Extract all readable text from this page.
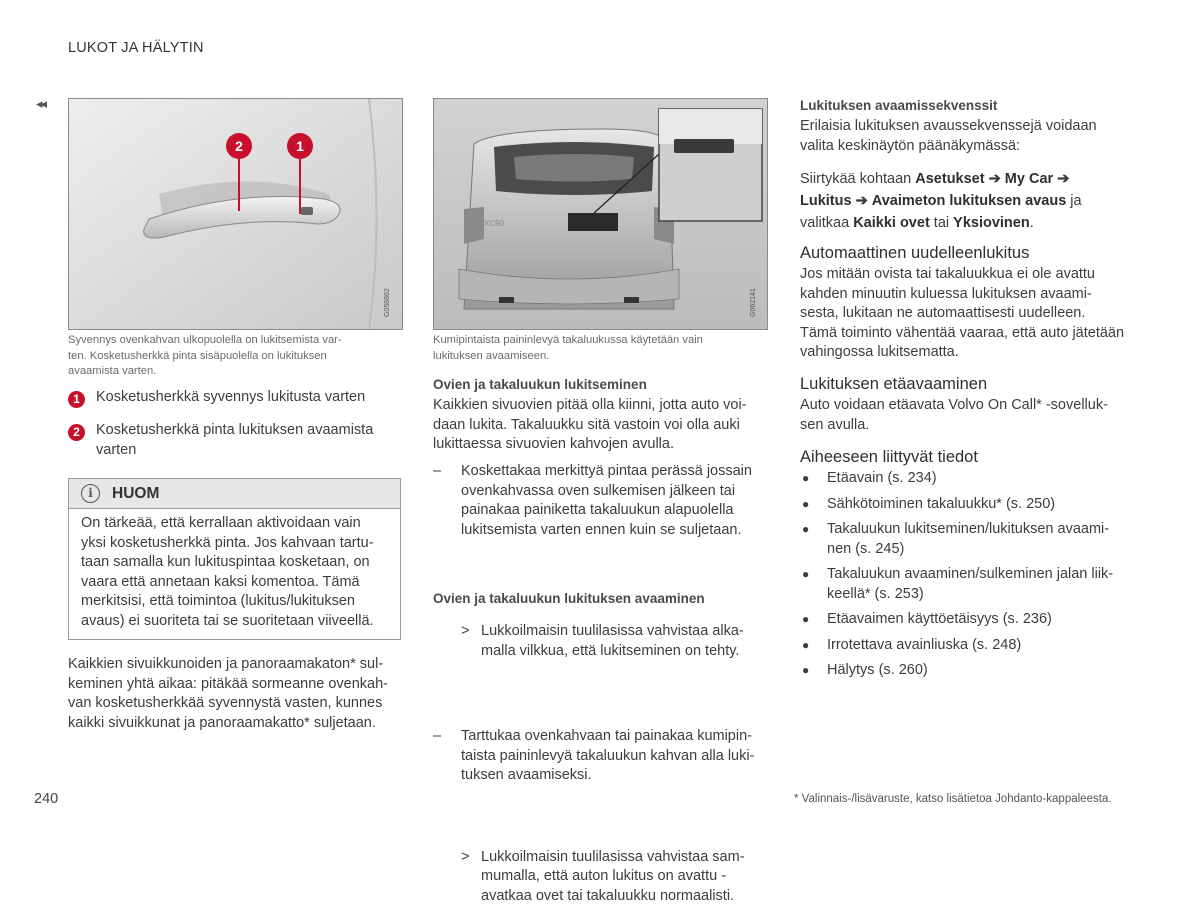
LUKOT JA HÄLYTIN
◂◂
2	1
G056862
Syvennys ovenkahvan ulkopuolella on lukitsemista var-
ten. Kosketusherkkä pinta sisäpuolella on lukituksen
avaamista varten.
1	Kosketusherkkä syvennys lukitusta varten
2	Kosketusherkkä pinta lukituksen avaamista
varten
i	HUOM
On tärkeää, että kerrallaan aktivoidaan vain
yksi kosketusherkkä pinta. Jos kahvaan tartu-
taan samalla kun lukituspintaa kosketaan, on
vaara että annetaan kaksi komentoa. Tämä
merkitsisi, että toimintoa (lukitus/lukituksen
avaus) ei suoriteta tai se suoritetaan viiveellä.
Kaikkien sivuikkunoiden ja panoraamakaton* sul-
keminen yhtä aikaa: pitäkää sormeanne ovenkah-
van kosketusherkkää syvennystä vasten, kunnes
kaikki sivuikkunat ja panoraamakatto* suljetaan.
XC90
G062141
Kumipintaista paininlevyä takaluukussa käytetään vain
lukituksen avaamiseen.
Ovien ja takaluukun lukitseminen
Kaikkien sivuovien pitää olla kiinni, jotta auto voi-
daan lukita. Takaluukku sitä vastoin voi olla auki
lukittaessa sivuovien kahvojen avulla.
– Koskettakaa merkittyä pintaa perässä jossain
ovenkahvassa oven sulkemisen jälkeen tai
painakaa painiketta takaluukun alapuolella
lukitsemista varten ennen kuin se suljetaan.
> Lukkoilmaisin tuulilasissa vahvistaa alka-
malla vilkkua, että lukitseminen on tehty.
Ovien ja takaluukun lukituksen avaaminen
– Tarttukaa ovenkahvaan tai painakaa kumipin-
taista paininlevyä takaluukun kahvan alla luki-
tuksen avaamiseksi.
> Lukkoilmaisin tuulilasissa vahvistaa sam-
mumalla, että auton lukitus on avattu -
avatkaa ovet tai takaluukku normaalisti.
Lukituksen avaamissekvenssit
Erilaisia lukituksen avaussekvenssejä voidaan
valita keskinäytön päänäkymässä:
Siirtykää kohtaan Asetukset ➔ My Car ➔
Lukitus ➔ Avaimeton lukituksen avaus ja
valitkaa Kaikki ovet tai Yksiovinen.
Automaattinen uudelleenlukitus
Jos mitään ovista tai takaluukkua ei ole avattu
kahden minuutin kuluessa lukituksen avaami-
sesta, lukitaan ne automaattisesti uudelleen.
Tämä toiminto vähentää vaaraa, että auto jätetään
vahingossa lukitsematta.
Lukituksen etäavaaminen
Auto voidaan etäavata Volvo On Call* -sovelluk-
sen avulla.
Aiheeseen liittyvät tiedot
● Etäavain (s. 234)
● Sähkötoiminen takaluukku* (s. 250)
● Takaluukun lukitseminen/lukituksen avaami-
nen (s. 245)
● Takaluukun avaaminen/sulkeminen jalan liik-
keellä* (s. 253)
● Etäavaimen käyttöetäisyys (s. 236)
● Irrotettava avainliuska (s. 248)
● Hälytys (s. 260)
240	* Valinnais-/lisävaruste, katso lisätietoa Johdanto-kappaleesta.
